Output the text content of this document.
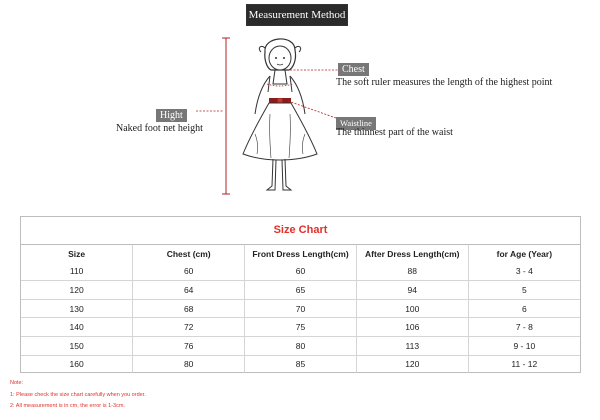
Measurement Method
Chest
The soft ruler measures the length of the highest point
Hight
Naked foot net height	Waistline
The thinnest part of the waist
Size Chart
Size	Chest (cm)	Front Dress Length(cm)	After Dress Length(cm)	for Age (Year)
110	60	60	88	3 - 4
120	64	65	94	5
130	68	70	100	6
140	72	75	106	7 - 8
150	76	80	113	9 - 10
160	80	85	120	11 - 12
Note:
1: Please check the size chart carefully when you order.
2: All measurement is in cm, the error is 1-3cm.
